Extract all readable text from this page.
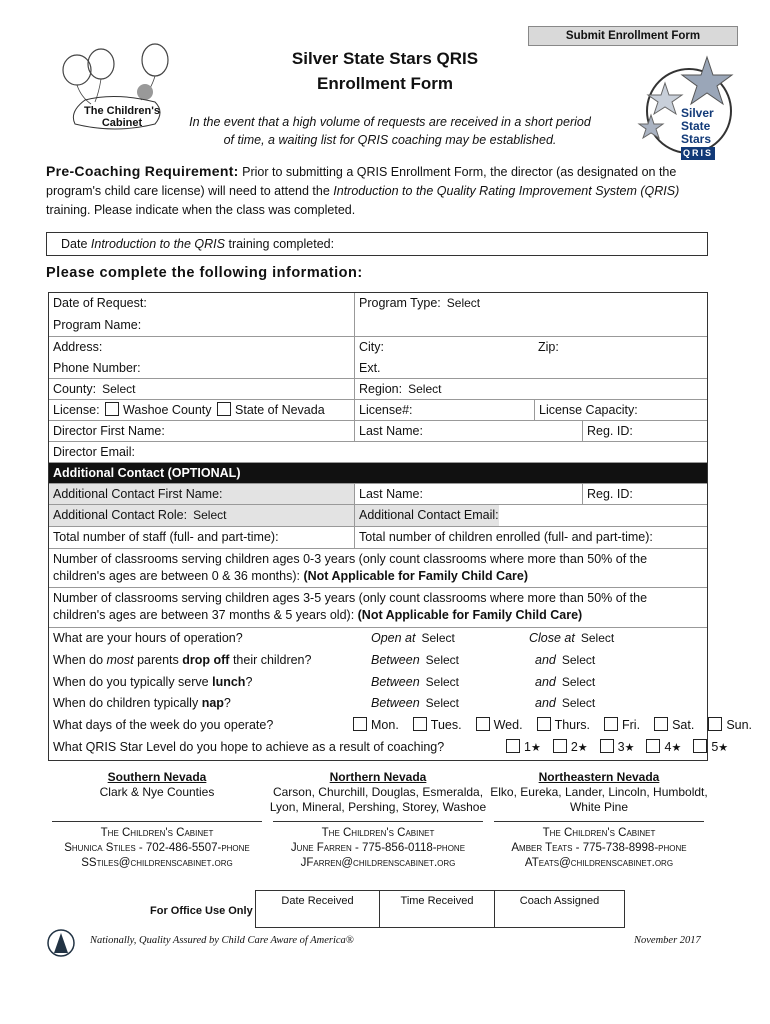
Submit Enrollment Form
The Children's
Cabinet
Silver State Stars QRIS
Enrollment Form
Silver
State
Stars
QRIS
In the event that a high volume of requests are received in a short period of time, a waiting list for QRIS coaching may be established.
Pre-Coaching Requirement: Prior to submitting a QRIS Enrollment Form, the director (as designated on the program's child care license) will need to attend the Introduction to the Quality Rating Improvement System (QRIS) training. Please indicate when the class was completed.
Date Introduction to the QRIS training completed:
Please complete the following information:
Date of Request:	Program Type: Select
Program Name:
Address:	City:	Zip:
Phone Number:	Ext.
County: Select	Region: Select
License: Washoe County State of Nevada	License#:	License Capacity:
Director First Name:	Last Name:	Reg. ID:
Director Email:
Additional Contact (OPTIONAL)
Additional Contact First Name:	Last Name:	Reg. ID:
Additional Contact Role: Select	Additional Contact Email:
Total number of staff (full- and part-time):	Total number of children enrolled (full- and part-time):
Number of classrooms serving children ages 0-3 years (only count classrooms where more than 50% of the children's ages are between 0 & 36 months): (Not Applicable for Family Child Care)
Number of classrooms serving children ages 3-5 years (only count classrooms where more than 50% of the children's ages are between 37 months & 5 years old): (Not Applicable for Family Child Care)
What are your hours of operation?	Open at Select	Close at Select
When do most parents drop off their children?	Between Select	and Select
When do you typically serve lunch?	Between Select	and Select
When do children typically nap?	Between Select	and Select
What days of the week do you operate?	Mon.	Tues.	Wed.	Thurs.	Fri.	Sat.	Sun.
What QRIS Star Level do you hope to achieve as a result of coaching?	1★ 2★ 3★ 4★ 5★
Southern Nevada
Clark & Nye Counties
The Children's Cabinet
Shunica Stiles - 702-486-5507-phone
SStiles@childrenscabinet.org
Northern Nevada
Carson, Churchill, Douglas, Esmeralda, Lyon, Mineral, Pershing, Storey, Washoe
The Children's Cabinet
June Farren - 775-856-0118-phone
JFarren@childrenscabinet.org
Northeastern Nevada
Elko, Eureka, Lander, Lincoln, Humboldt, White Pine
The Children's Cabinet
Amber Teats - 775-738-8998-phone
ATeats@childrenscabinet.org
For Office Use Only
Date Received	Time Received	Coach Assigned
Nationally, Quality Assured by Child Care Aware of America®	November 2017
